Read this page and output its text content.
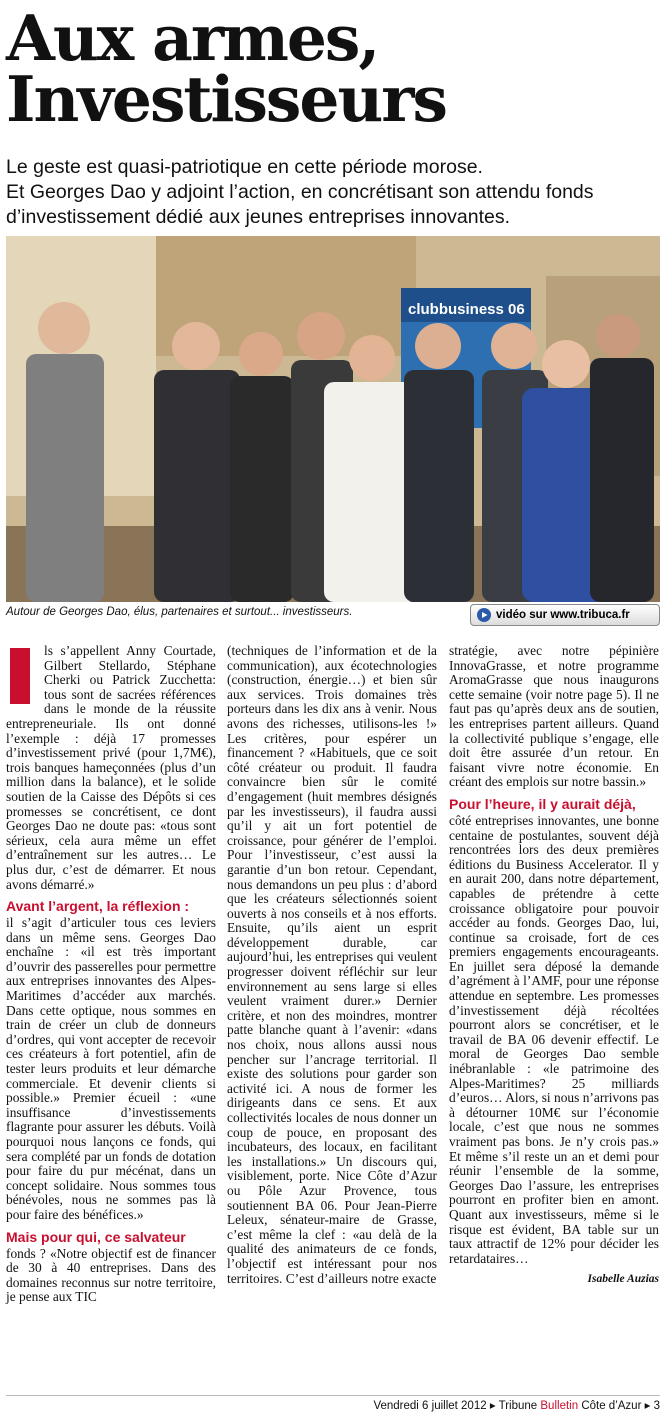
Aux armes,
Investisseurs

Le geste est quasi-patriotique en cette période morose.
Et Georges Dao y adjoint l’action, en concrétisant son attendu fonds d’investissement dédié aux jeunes entreprises innovantes.

clubbusiness 06
Autour de Georges Dao, élus, partenaires et surtout... investisseurs.	vidéo sur www.tribuca.fr

ls s’appellent Anny Courtade, Gilbert Stellardo, Stéphane Cherki ou Patrick Zucchetta: tous sont de sacrées références dans le monde de la réussite entrepreneuriale. Ils ont donné l’exemple : déjà 17 promesses d’investissement privé (pour 1,7M€), trois banques hameçonnées (plus d’un million dans la balance), et le solide soutien de la Caisse des Dépôts si ces promesses se concrétisent, ce dont Georges Dao ne doute pas: «tous sont sérieux, cela aura même un effet d’entraînement sur les autres… Le plus dur, c’est de démarrer. Et nous avons démarré.»

Avant l’argent, la réflexion :

il s’agit d’articuler tous ces leviers dans un même sens. Georges Dao enchaîne : «il est très important d’ouvrir des passerelles pour permettre aux entreprises innovantes des Alpes-Maritimes d’accéder aux marchés. Dans cette optique, nous sommes en train de créer un club de donneurs d’ordres, qui vont accepter de recevoir ces créateurs à fort potentiel, afin de tester leurs produits et leur démarche commerciale. Et devenir clients si possible.» Premier écueil : «une insuffisance d’investissements flagrante pour assurer les débuts. Voilà pourquoi nous lançons ce fonds, qui sera complété par un fonds de dotation pour faire du pur mécénat, dans un concept solidaire. Nous sommes tous bénévoles, nous ne sommes pas là pour faire des bénéfices.»

Mais pour qui, ce salvateur

fonds ? «Notre objectif est de financer de 30 à 40 entreprises. Dans des domaines reconnus sur notre territoire, je pense aux TIC

(techniques de l’information et de la communication), aux écotechnologies (construction, énergie…) et bien sûr aux services. Trois domaines très porteurs dans les dix ans à venir. Nous avons des richesses, utilisons-les !» Les critères, pour espérer un financement ? «Habituels, que ce soit côté créateur ou produit. Il faudra convaincre bien sûr le comité d’engagement (huit membres désignés par les investisseurs), il faudra aussi qu’il y ait un fort potentiel de croissance, pour générer de l’emploi. Pour l’investisseur, c’est aussi la garantie d’un bon retour. Cependant, nous demandons un peu plus : d’abord que les créateurs sélectionnés soient ouverts à nos conseils et à nos efforts. Ensuite, qu’ils aient un esprit développement durable, car aujourd’hui, les entreprises qui veulent progresser doivent réfléchir sur leur environnement au sens large si elles veulent vraiment durer.» Dernier critère, et non des moindres, montrer patte blanche quant à l’avenir: «dans nos choix, nous allons aussi nous pencher sur l’ancrage territorial. Il existe des solutions pour garder son activité ici. A nous de former les dirigeants dans ce sens. Et aux collectivités locales de nous donner un coup de pouce, en proposant des incubateurs, des locaux, en facilitant les installations.» Un discours qui, visiblement, porte. Nice Côte d’Azur ou Pôle Azur Provence, tous soutiennent BA 06. Pour Jean-Pierre Leleux, sénateur-maire de Grasse, c’est même la clef : «au delà de la qualité des animateurs de ce fonds, l’objectif est intéressant pour nos territoires. C’est d’ailleurs notre exacte

stratégie, avec notre pépinière InnovaGrasse, et notre programme AromaGrasse que nous inaugurons cette semaine (voir notre page 5). Il ne faut pas qu’après deux ans de soutien, les entreprises partent ailleurs. Quand la collectivité publique s’engage, elle doit être assurée d’un retour. En faisant vivre notre économie. En créant des emplois sur notre bassin.»

Pour l’heure, il y aurait déjà,

côté entreprises innovantes, une bonne centaine de postulantes, souvent déjà rencontrées lors des deux premières éditions du Business Accelerator. Il y en aurait 200, dans notre département, capables de prétendre à cette croissance obligatoire pour pouvoir accéder au fonds. Georges Dao, lui, continue sa croisade, fort de ces premiers engagements encourageants. En juillet sera déposé la demande d’agrément à l’AMF, pour une réponse attendue en septembre. Les promesses d’investissement déjà récoltées pourront alors se concrétiser, et le travail de BA 06 devenir effectif. Le moral de Georges Dao semble inébranlable : «le patrimoine des Alpes-Maritimes? 25 milliards d’euros… Alors, si nous n’arrivons pas à détourner 10M€ sur l’économie locale, c’est que nous ne sommes vraiment pas bons. Je n’y crois pas.» Et même s’il reste un an et demi pour réunir l’ensemble de la somme, Georges Dao l’assure, les entreprises pourront en profiter bien en amont. Quant aux investisseurs, même si le risque est évident, BA table sur un taux attractif de 12% pour décider les retardataires…

Isabelle Auzias
Vendredi 6 juillet 2012 ▸ Tribune Bulletin Côte d’Azur ▸ 3
